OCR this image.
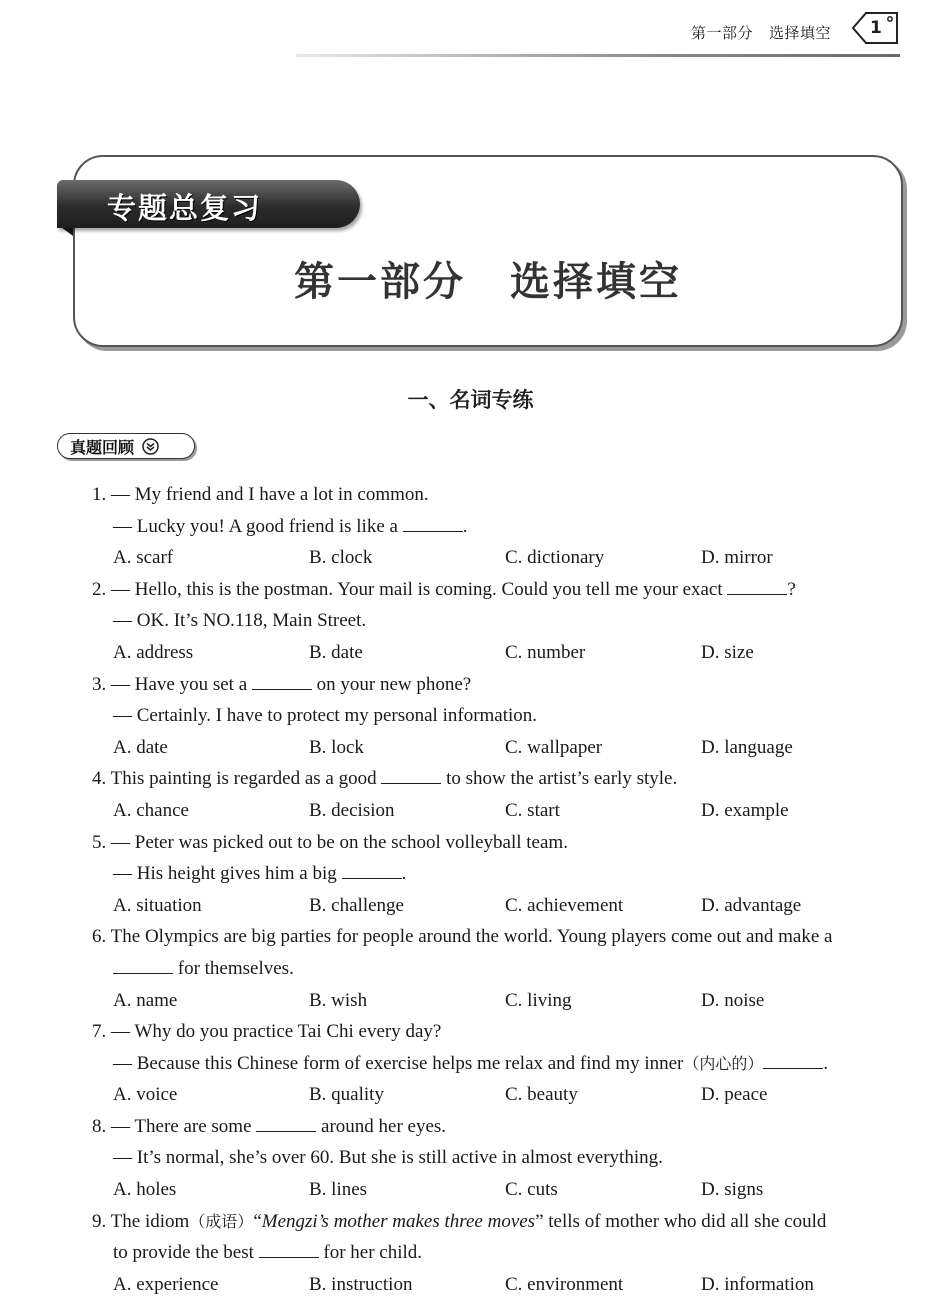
第一部分 选择填空 1
专题总复习
第一部分 选择填空
一、名词专练
真题回顾
1. — My friend and I have a lot in common.
— Lucky you! A good friend is like a	.
A. scarf	B. clock	C. dictionary	D. mirror
2. — Hello, this is the postman. Your mail is coming. Could you tell me your exact	?
— OK. It’s NO.118, Main Street.
A. address	B. date	C. number	D. size
3. — Have you set a	on your new phone?
— Certainly. I have to protect my personal information.
A. date	B. lock	C. wallpaper	D. language
4. This painting is regarded as a good	to show the artist’s early style.
A. chance	B. decision	C. start	D. example
5. — Peter was picked out to be on the school volleyball team.
— His height gives him a big	.
A. situation	B. challenge	C. achievement	D. advantage
6. The Olympics are big parties for people around the world. Young players come out and make a
for themselves.
A. name	B. wish	C. living	D. noise
7. — Why do you practice Tai Chi every day?
— Because this Chinese form of exercise helps me relax and find my inner（内心的）	.
A. voice	B. quality	C. beauty	D. peace
8. — There are some	around her eyes.
— It’s normal, she’s over 60. But she is still active in almost everything.
A. holes	B. lines	C. cuts	D. signs
9. The idiom（成语）“Mengzi’s mother makes three moves” tells of mother who did all she could
to provide the best	for her child.
A. experience	B. instruction	C. environment	D. information
